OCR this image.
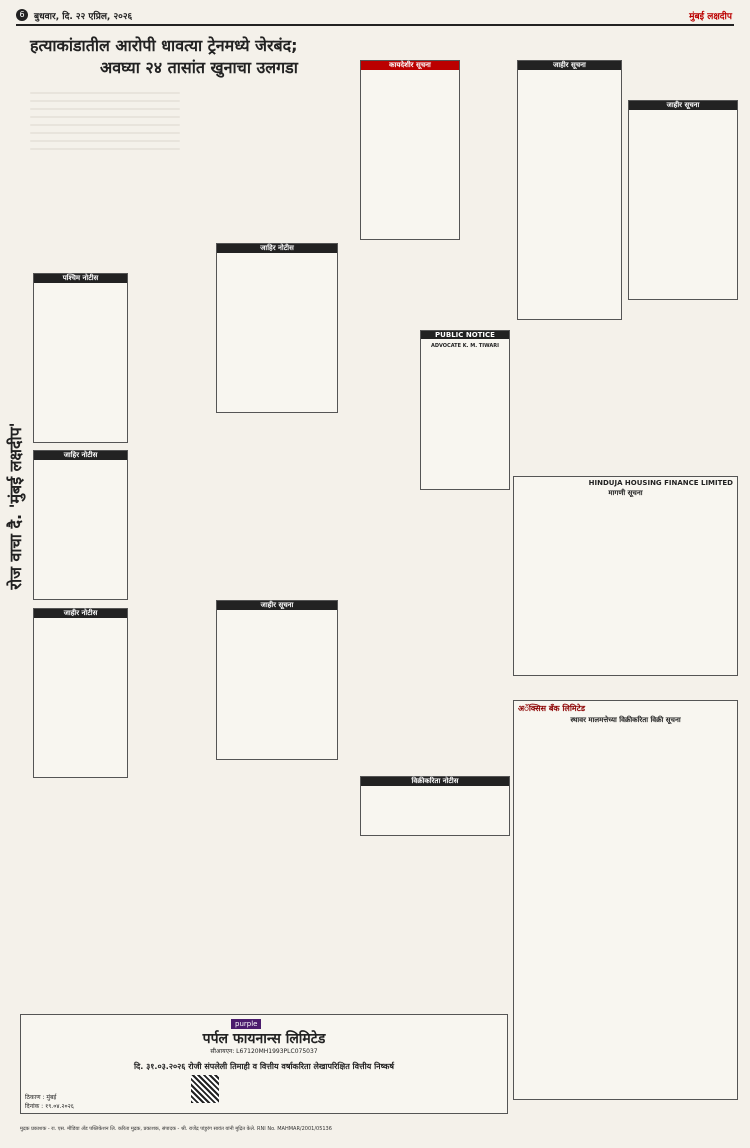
6	बुधवार, दि. २२ एप्रिल, २०२६	मुंबई लक्षदीप
हत्याकांडातील आरोपी धावत्या ट्रेनमध्ये जेरबंद;
अवघ्या २४ तासांत खुनाचा उलगडा
रोज वाचा दै. 'मुंबई लक्षदीप'
पश्चिम नोटीस
जाहिर नोटीस
जाहीर नोटीस
जाहिर नोटीस
जाहीर सूचना
कायदेशीर सूचना
PUBLIC NOTICE
ADVOCATE K. M. TIWARI
जाहीर सूचना
जाहीर सूचना
HINDUJA HOUSING FINANCE LIMITED
मागणी सूचना
अॅक्सिस बँक लिमिटेड
स्थावर मालमत्तेच्या विक्रीकरिता विक्री सूचना
विक्रीकरिता नोटीस
purple
पर्पल फायनान्स लिमिटेड
सीआयएन: L67120MH1993PLC075037
दि. ३१.०३.२०२६ रोजी संपलेली तिमाही व वित्तीय वर्षाकरिता लेखापरिक्षित वित्तीय निष्कर्ष
ठिकाण : मुंबई
दिनांक : १९.०४.२०२६
मुद्रक प्रकाशक - रा. एस. मीडिया अँड पब्लिकेशन लि. करिता मुद्रक, प्रकाशक, संपादक - श्री. राजेंद्र पांडुरंग सावंत यांनी मुद्रित केले. RNI No. MAHMAR/2001/05136
